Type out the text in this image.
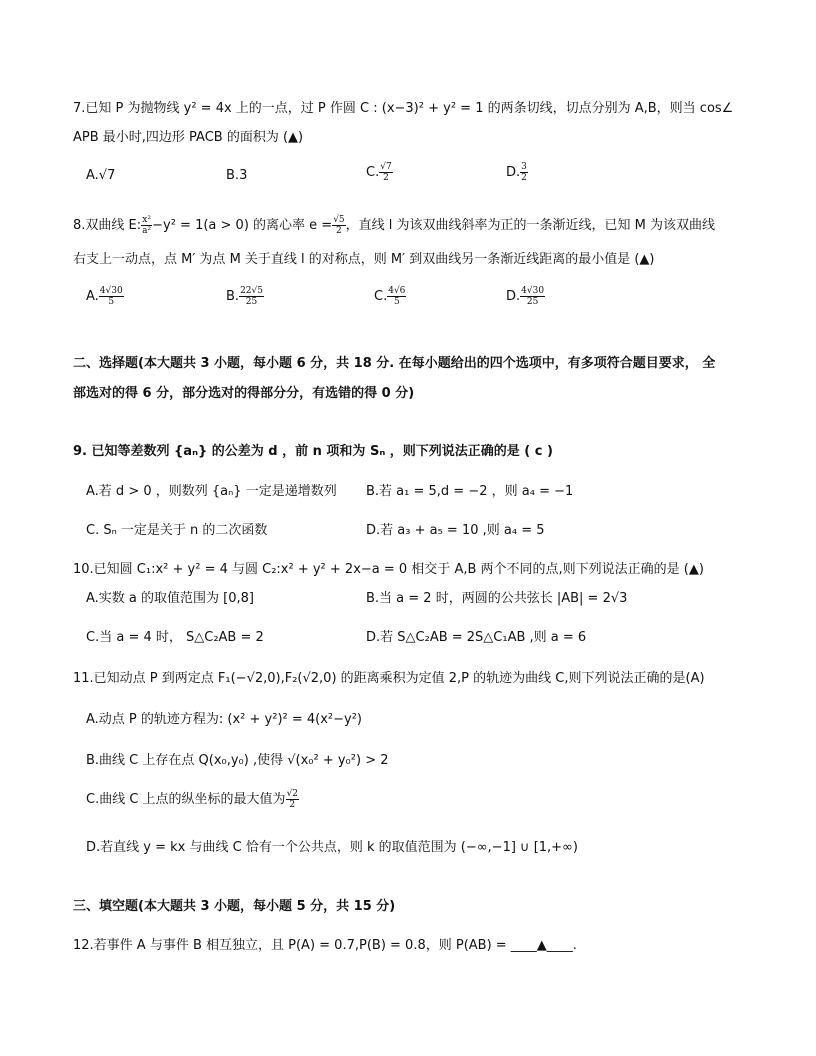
7.已知 P 为抛物线 y² = 4x 上的一点，过 P 作圆 C : (x−3)² + y² = 1 的两条切线，切点分别为 A,B，则当 cos∠
APB 最小时,四边形 PACB 的面积为 (▲)
A.√7	B.3	C. $\frac{√7}{2}$	D. $\frac{3}{2}$
8.双曲线 E: $\frac{\text{x²}}{\text{a²}} -y^2 = 1(a > 0)$ 的离心率 $e = \frac{√5}{2}$ ，直线 l 为该双曲线斜率为正的一条渐近线，已知 M 为该双曲线
右支上一动点，点 M′ 为点 M 关于直线 l 的对称点，则 M′ 到双曲线另一条渐近线距离的最小值是 (▲)
A. $\frac{4√30}{5}$	B. $\frac{22√5}{25}$	C. $\frac{4√6}{5}$	D. $\frac{4√30}{25}$
二、选择题(本大题共 3 小题，每小题 6 分，共 18 分. 在每小题给出的四个选项中，有多项符合题目要求， 全
部选对的得 6 分，部分选对的得部分分，有选错的得 0 分)
9. 已知等差数列 {aₙ} 的公差为 d ，前 n 项和为 Sₙ ，则下列说法正确的是 ( c )
A.若 d > 0 ，则数列 {aₙ} 一定是递增数列 B.若 a₁ = 5,d = −2 ，则 a₄ = −1
C. Sₙ 一定是关于 n 的二次函数	D.若 a₃ + a₅ = 10 ,则 a₄ = 5
10.已知圆 C₁:x² + y² = 4 与圆 C₂:x² + y² + 2x−a = 0 相交于 A,B 两个不同的点,则下列说法正确的是 (▲)
A.实数 a 的取值范围为 [0,8]	B.当 a = 2 时，两圆的公共弦长 |AB| = 2√3
C.当 a = 4 时， S△C₂AB = 2	D.若 S△C₂AB = 2S△C₁AB ,则 a = 6
11.已知动点 P 到两定点 F₁(−√2,0),F₂(√2,0) 的距离乘积为定值 2,P 的轨迹为曲线 C,则下列说法正确的是(A)
A.动点 P 的轨迹方程为: (x² + y²)² = 4(x²−y²)
B.曲线 C 上存在点 Q(x₀,y₀) ,使得 √(x₀² + y₀²) > 2
C.曲线 C 上点的纵坐标的最大值为 $\frac{√2}{2}$
D.若直线 y = kx 与曲线 C 恰有一个公共点，则 k 的取值范围为 (−∞,−1] ∪ [1,+∞)
三、填空题(本大题共 3 小题，每小题 5 分，共 15 分)
12.若事件 A 与事件 B 相互独立，且 P(A) = 0.7,P(B) = 0.8，则 P(AB) = ____▲____.
